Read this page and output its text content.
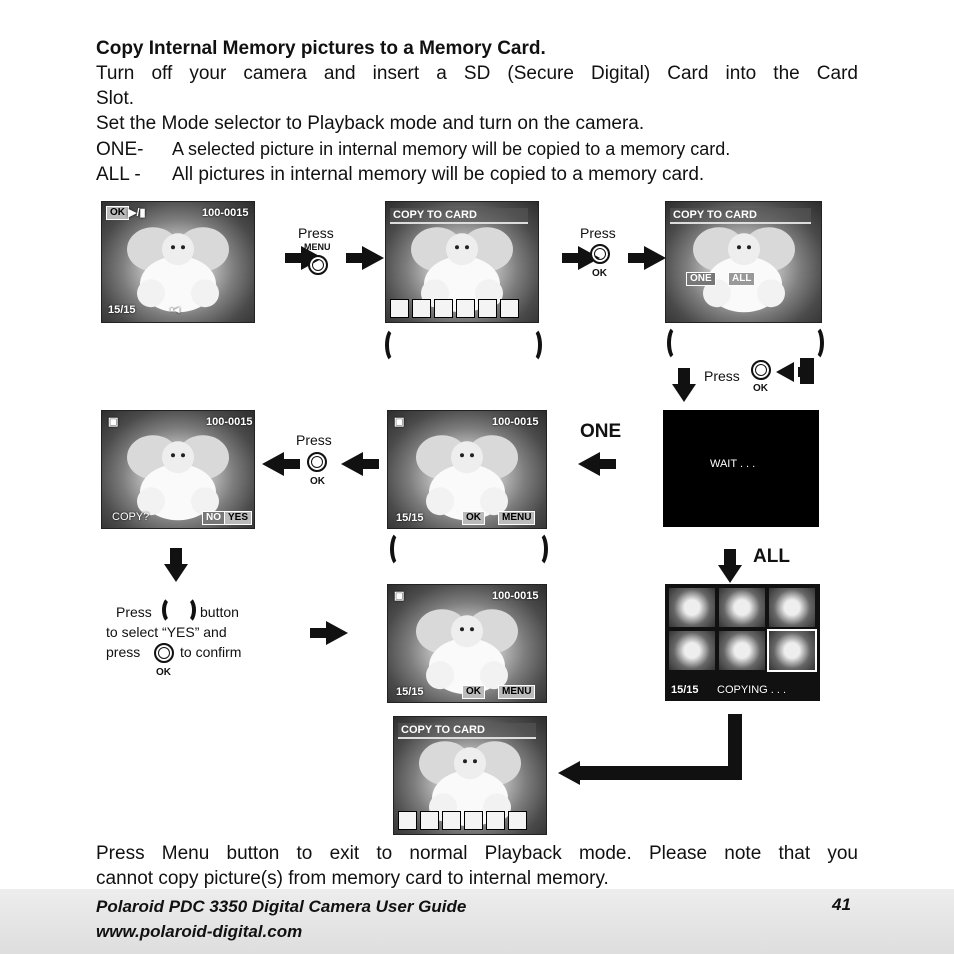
Copy Internal Memory pictures to a Memory Card.
Turn off your camera and insert a SD (Secure Digital) Card into the Card
Slot.
Set the Mode selector to Playback mode and turn on the camera.
ONE- A selected picture in internal memory will be copied to a memory card.
ALL - All pictures in internal memory will be copied to a memory card.
OK ▶/▮	100-0015
15/15	▪◂
Press
MENU
COPY TO CARD
Press
OK
COPY TO CARD
ONE	ALL
Press
OK
WAIT . . .
ONE
▣	100-0015
15/15	OK	MENU
Press
OK
▣	100-0015
COPY?	NO YES
ALL
Press	button
to select “YES” and
press	to confirm
OK
▣	100-0015
15/15	OK	MENU	15/15 COPYING . . .
COPY TO CARD
Press Menu button to exit to normal Playback mode. Please note that you
cannot copy picture(s) from memory card to internal memory.
Polaroid PDC 3350 Digital Camera User Guide
www.polaroid-digital.com
41
